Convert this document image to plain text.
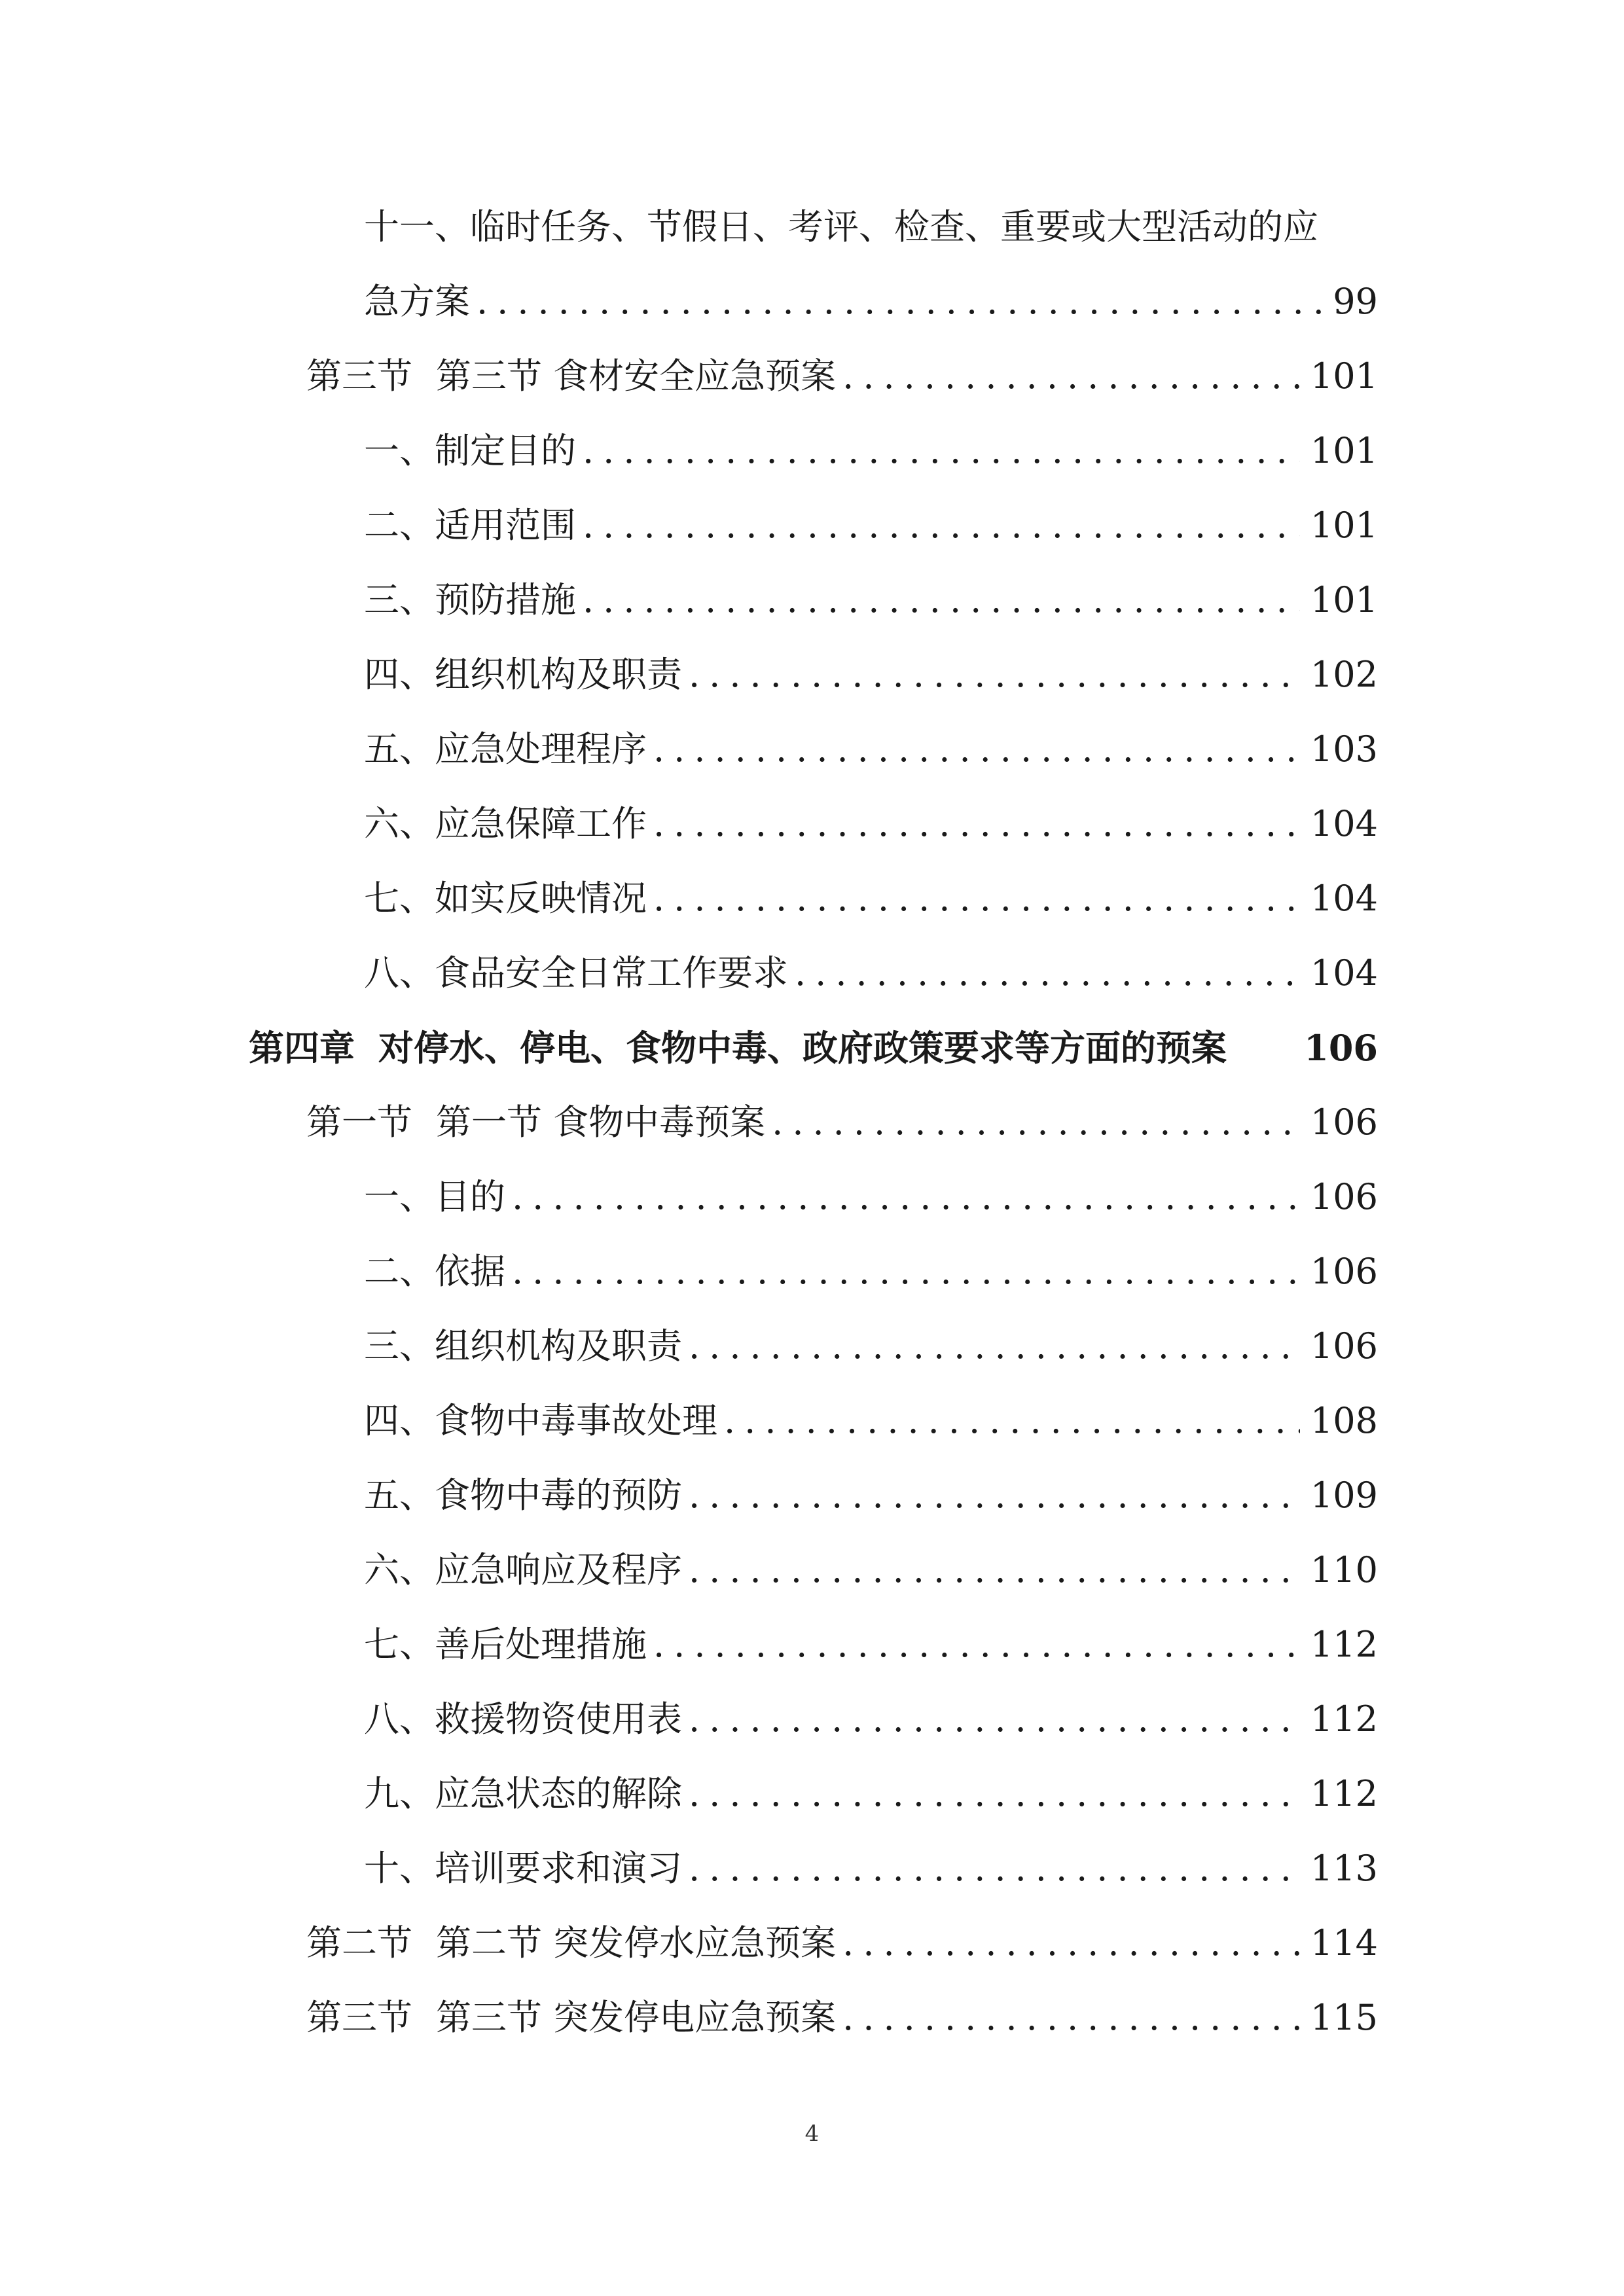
十一、临时任务、节假日、考评、检查、重要或大型活动的应
急方案 .....	99
第三节 第三节 食材安全应急预案 .....	101
一、制定目的 .....	101
二、适用范围 .....	101
三、预防措施 .....	101
四、组织机构及职责 .....	102
五、应急处理程序 .....	103
六、应急保障工作 .....	104
七、如实反映情况 .....	104
八、食品安全日常工作要求 .....	104
第四章 对停水、停电、食物中毒、政府政策要求等方面的预案	106
第一节 第一节 食物中毒预案 .....	106
一、目的 .....	106
二、依据 .....	106
三、组织机构及职责 .....	106
四、食物中毒事故处理 .....	108
五、食物中毒的预防 .....	109
六、应急响应及程序 .....	110
七、善后处理措施 .....	112
八、救援物资使用表 .....	112
九、应急状态的解除 .....	112
十、培训要求和演习 .....	113
第二节 第二节 突发停水应急预案 .....	114
第三节 第三节 突发停电应急预案 .....	115
4
